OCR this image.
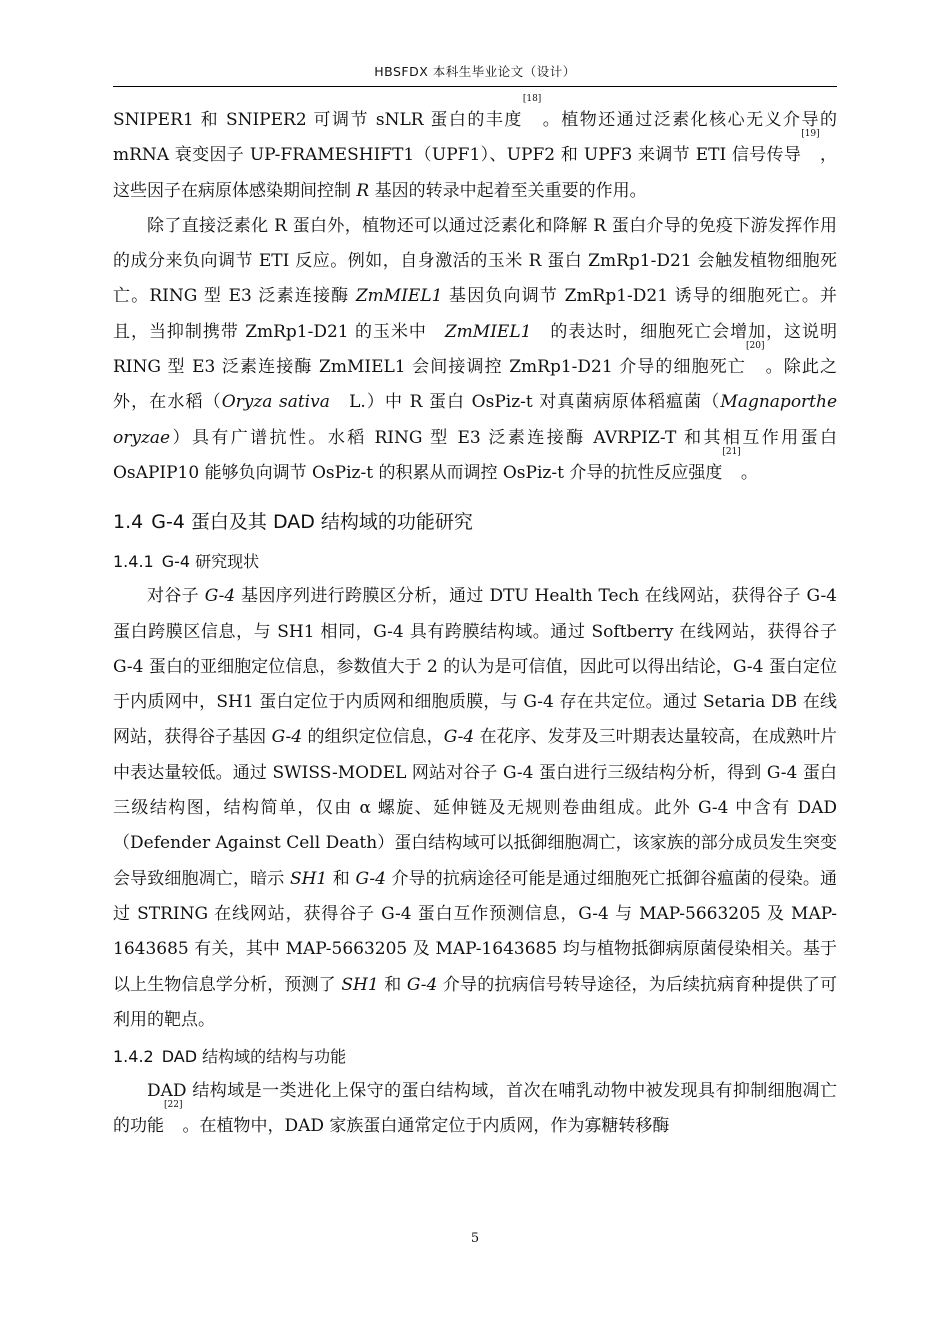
HBSFDX 本科生毕业论文（设计）

SNIPER1 和 SNIPER2 可调节 sNLR 蛋白的丰度[18]。植物还通过泛素化核心无义介导的 mRNA 衰变因子 UP-FRAMESHIFT1（UPF1）、UPF2 和 UPF3 来调节 ETI 信号传导[19]，这些因子在病原体感染期间控制 R 基因的转录中起着至关重要的作用。

除了直接泛素化 R 蛋白外，植物还可以通过泛素化和降解 R 蛋白介导的免疫下游发挥作用的成分来负向调节 ETI 反应。例如，自身激活的玉米 R 蛋白 ZmRp1-D21 会触发植物细胞死亡。RING 型 E3 泛素连接酶 ZmMIEL1 基因负向调节 ZmRp1-D21 诱导的细胞死亡。并且，当抑制携带 ZmRp1-D21 的玉米中　ZmMIEL1　的表达时，细胞死亡会增加，这说明 RING 型 E3 泛素连接酶 ZmMIEL1 会间接调控 ZmRp1-D21 介导的细胞死亡[20]。除此之外，在水稻（Oryza sativa　L.）中 R 蛋白 OsPiz-t 对真菌病原体稻瘟菌（Magnaporthe oryzae）具有广谱抗性。水稻 RING 型 E3 泛素连接酶 AVRPIZ-T 和其相互作用蛋白 OsAPIP10 能够负向调节 OsPiz-t 的积累从而调控 OsPiz-t 介导的抗性反应强度[21]。

1.4 G-4 蛋白及其 DAD 结构域的功能研究
1.4.1 G-4 研究现状

对谷子 G-4 基因序列进行跨膜区分析，通过 DTU Health Tech 在线网站，获得谷子 G-4 蛋白跨膜区信息，与 SH1 相同，G-4 具有跨膜结构域。通过 Softberry 在线网站，获得谷子 G-4 蛋白的亚细胞定位信息，参数值大于 2 的认为是可信值，因此可以得出结论，G-4 蛋白定位于内质网中，SH1 蛋白定位于内质网和细胞质膜，与 G-4 存在共定位。通过 Setaria DB 在线网站，获得谷子基因 G-4 的组织定位信息，G-4 在花序、发芽及三叶期表达量较高，在成熟叶片中表达量较低。通过 SWISS-MODEL 网站对谷子 G-4 蛋白进行三级结构分析，得到 G-4 蛋白三级结构图，结构简单，仅由 α 螺旋、延伸链及无规则卷曲组成。此外 G-4 中含有 DAD（Defender Against Cell Death）蛋白结构域可以抵御细胞凋亡，该家族的部分成员发生突变会导致细胞凋亡，暗示 SH1 和 G-4 介导的抗病途径可能是通过细胞死亡抵御谷瘟菌的侵染。通过 STRING 在线网站，获得谷子 G-4 蛋白互作预测信息，G-4 与 MAP-5663205 及 MAP-1643685 有关，其中 MAP-5663205 及 MAP-1643685 均与植物抵御病原菌侵染相关。基于以上生物信息学分析，预测了 SH1 和 G-4 介导的抗病信号转导途径，为后续抗病育种提供了可利用的靶点。

1.4.2 DAD 结构域的结构与功能

DAD 结构域是一类进化上保守的蛋白结构域，首次在哺乳动物中被发现具有抑制细胞凋亡的功能[22]。在植物中，DAD 家族蛋白通常定位于内质网，作为寡糖转移酶

5
